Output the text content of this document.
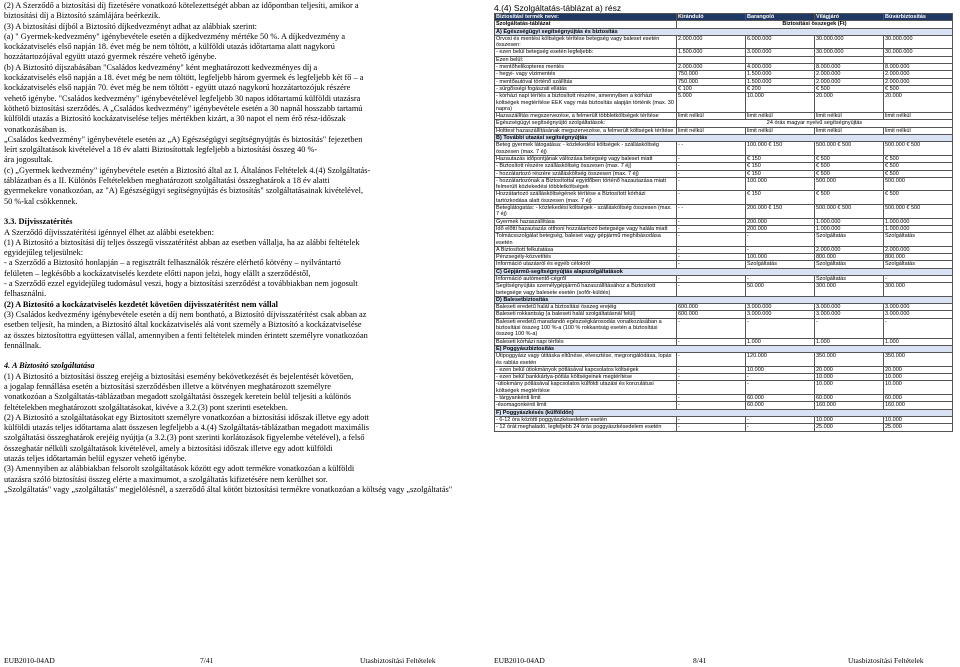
(2) A Szerződő a biztosítási díj fizetésére vonatkozó kötelezettségét abban az időpontban teljesíti, amikor a

biztosítási díj a Biztosító számlájára beérkezik.

(3) A biztosítási díjból a Biztosító díjkedvezményt adhat az alábbiak szerint:

(a) " Gyermek-kedvezmény" igénybevétele esetén a díjkedvezmény mértéke 50 %. A díjkedvezmény a

kockázatviselés első napján 18. évet még be nem töltött, a külföldi utazás időtartama alatt nagykorú

hozzátartozójával együtt utazó gyermek részére vehető igénybe.

(b) A Biztosító díjszabásában "Családos kedvezmény" ként meghatározott kedvezményes díj a

kockázatviselés első napján a 18. évet még be nem töltött, legfeljebb három gyermek és legfeljebb két fő – a

kockázatviselés első napján 70. évet még be nem töltött - együtt utazó nagykorú hozzátartozójuk részére

vehető igénybe. "Családos kedvezmény" igénybevételével legfeljebb 30 napos időtartamú külföldi utazásra

köthető biztosítási szerződés. A „Családos kedvezmény" igénybevétele esetén a 30 napnál hosszabb tartamú

külföldi utazás a Biztosító kockázatviselése teljes mértékben kizárt, a 30 napot el nem érő rész-időszak

vonatkozásában is.

„Családos kedvezmény" igénybevétele esetén az „A) Egészségügyi segítségnyújtás és biztosítás" fejezetben

leírt szolgáltatások kivételével a 18 év alatti Biztosítottak legfeljebb a biztosítási összeg 40 %-

ára jogosultak.

(c) „Gyermek kedvezmény" igénybevétele esetén a Biztosító által az I. Általános Feltételek 4.(4) Szolgáltatás-

táblázatban és a II. Különös Feltételekben meghatározott szolgáltatási összeghatárok a 18 év alatti

gyermekekre vonatkozóan, az "A) Egészségügyi segítségnyújtás és biztosítás" szolgáltatásainak kivételével,

50 %-kal csökkennek.

3.3. Díjvisszatérítés

A Szerződő díjvisszatérítési igénnyel élhet az alábbi esetekben:

(1) A Biztosító a biztosítási díj teljes összegű visszatérítést abban az esetben vállalja, ha az alábbi feltételek

egyidejűleg teljesülnek:

- a Szerződő a Biztosító honlapján – a regisztrált felhasználók részére elérhető kötvény – nyilvántartó

felületen – legkésőbb a kockázatviselés kezdete előtti napon jelzi, hogy elállt a szerződéstől,

- a Szerződő ezzel egyidejűleg tudomásul veszi, hogy a biztosítási szerződést a továbbiakban nem jogosult

felhasználni.

(2) A Biztosító a kockázatviselés kezdetét követően díjvisszatérítést nem vállal

(3) Családos kedvezmény igénybevétele esetén a díj nem bontható, a Biztosító díjvisszatérítést csak abban az

esetben teljesít, ha minden, a Biztosító által kockázatviselés alá vont személy a Biztosító a kockázatviselése

az összes biztosítottra együttesen vállal, amennyiben a fenti feltételek minden érintett személyre vonatkozóan

fennállnak.

4. A Biztosító szolgáltatása

(1) A Biztosító a biztosítási összeg erejéig a biztosítási esemény bekövetkezését és bejelentését követően,

a jogalap fennállása esetén a biztosítási szerződésben illetve a kötvényen meghatározott személyre

vonatkozóan a Szolgáltatás-táblázatban megadott szolgáltatási összegek keretein belül teljesíti a különös

feltételekben meghatározott szolgáltatásokat, kivéve a 3.2.(3) pont szerinti esetekben.

(2) A Biztosító a szolgáltatásokat egy Biztosított személyre vonatkozóan a biztosítási időszak illetve egy adott

külföldi utazás teljes időtartama alatt összesen legfeljebb a 4.(4) Szolgáltatás-táblázatban megadott maximális

szolgáltatási összeghatárok erejéig nyújtja (a 3.2.(3) pont szerinti korlátozások figyelembe vételével), a felső

összeghatár nélküli szolgáltatások kivételével, amely a biztosítási időszak illetve egy adott külföldi

utazás teljes időtartamán belül egyszer vehető igénybe.

(3) Amennyiben az alábbiakban felsorolt szolgáltatások között egy adott termékre vonatkozóan a külföldi

utazásra szóló biztosítási összeg elérte a maximumot, a szolgáltatás kifizetésére nem kerülhet sor.

„Szolgáltatás" vagy „szolgáltatás" megjelölésnél, a szerződő által kötött biztosítási termékre vonatkozóan a költség vagy „szolgáltatás"

EUB2010-04AD	7/41	Utasbiztosítási Feltételek
4.(4) Szolgáltatás-táblázat a) rész
Biztosítási termék neve:	Kiránduló	Barangoló	Világjáró	Búvárbiztosítás
Szolgáltatás-táblázat	Biztosítási összegek (Ft)			
A) Egészségügyi segítségnyújtás és biztosítás				
Orvosi és mentési költségek térítése betegség vagy baleset esetén összesen:	2.000.000	6.000.000	30.000.000	30.000.000
- ezen belül betegség esetén legfeljebb:	1.500.000	3.000.000	30.000.000	30.000.000
Ezen belül:				
- mentőhelikopteres mentés	2.000.000	4.000.000	8.000.000	8.000.000
- hegyi- vagy vízimentés	750.000	1.500.000	2.000.000	2.000.000
- mentőautóval történő szállítás	750.000	1.500.000	2.000.000	2.000.000
- sürgősségi fogászati ellátás	€ 100	€ 200	€ 500	€ 500
- kórházi napi térítés a biztosított részére, amennyiben a kórházi költségek megtérítése EEK vagy más biztosítás alapján történik (max. 30 napra)	5.000	10.000	20.000	20.000
Hazaszállítás megszervezése, a felmerült többletköltségek térítése	limit nélkül	limit nélkül	limit nélkül	limit nélkül
Egészségügyi segítségnyújtó szolgáltatások:	24 órás magyar nyelvű segítségnyújtás			
Holttest hazaszállításának megszervezése, a felmerült költségek térítése	limit nélkül	limit nélkül	limit nélkül	limit nélkül
B) További utazási segítségnyújtás				
Beteg gyermek látogatása: - közlekedési költségek - szállásköltség összesen (max. 7 éj)	- -	100.000 € 150	500.000 € 500	500.000 € 500
Hazautazás időpontjának változása betegség vagy baleset miatt	-	€ 150	€ 500	€ 500
- Biztosított részére szállásköltség összesen (max. 7 éj)	-	€ 150	€ 500	€ 500
- hozzátartozó részére szállásköltség összesen (max. 7 éj)	-	€ 150	€ 500	€ 500
- hozzátartozónak a Biztosítottal egyidőben történő hazautazása miatt felmerült közlekedési többletköltségek	-	100.000	500.000	500.000
Hozzátartozó szállásköltségének térítése a Biztosított kórházi tartózkodása alatt összesen (max. 7 éj)	-	€ 150	€ 500	€ 500
Beteglátogatás: - közlekedési költségek - szállásköltség összesen (max. 7 éj)	- -	200.000 € 150	500.000 € 500	500.000 € 500
Gyermek hazaszállítása	-	200.000	1.000.000	1.000.000
Idő előtti hazautazás otthoni hozzátartozó betegsége vagy halála miatt	-	200.000	1.000.000	1.000.000
Tolmácsszolgálat betegség, baleset vagy gépjármű meghibásodása esetén	-	-	Szolgáltatás	Szolgáltatás
A Biztosított felkutatása	-	-	2.000.000	2.000.000
Pénzsegély-közvetítés	-	100.000	800.000	800.000
Információ utazásról és egyéb célokról	-	Szolgáltatás	Szolgáltatás	Szolgáltatás
C) Gépjármű-segítségnyújtás alapszolgáltatások				
Információ autómentő-cégről	-	-	Szolgáltatás	-
Segítségnyújtás személygépjármű hazaszállításához a Biztosított betegsége vagy balesete esetén (sofőr-küldés)	-	50.000	300.000	300.000
D) Balesetbiztosítás				
Baleseti eredetű halál a biztosítási összeg erejéig	600.000	3.000.000	3.000.000	3.000.000
Baleseti rokkantság (a baleseti halál szolgáltatásnál felül)	600.000	3.000.000	3.000.000	3.000.000
Baleseti eredetű maradandó egészségkárosodás vonatkozásában a biztosítási összeg 100 %-a (100 % rokkantság esetén a biztosítási összeg 100 %-a)	-	-	-	-
Baleseti kórházi napi térítés	-	1.000	1.000	1.000
E) Poggyászbiztosítás				
Útipoggyász vagy útitáska eltűnése, elvesztése, megrongálódása, lopás és rablás esetén	-	120.000	350.000	350.000
- ezen belül útiokmányok pótlásával kapcsolatos költségek	-	10.000	20.000	20.000
- ezen belül bankkártya-pótlás költségeinek megtérítése	-	-	10.000	10.000
-útiokmány pótlásával kapcsolatos külföldi utazási és konzulátusi költségek megtérítése	-	-	10.000	10.000
- tárgyankénti limit	-	60.000	60.000	60.000
-ésomagonkénti limit	-	60.000	160.000	160.000
F) Poggyászkésés (külföldön)				
- 6-12 óra közötti poggyászkésedelem esetén	-	-	10.000	10.000
- 12 órát meghaladó, legfeljebb 24 órás poggyászkésedelem esetén	-	-	25.000	25.000
EUB2010-04AD	8/41	Utasbiztosítási Feltételek
